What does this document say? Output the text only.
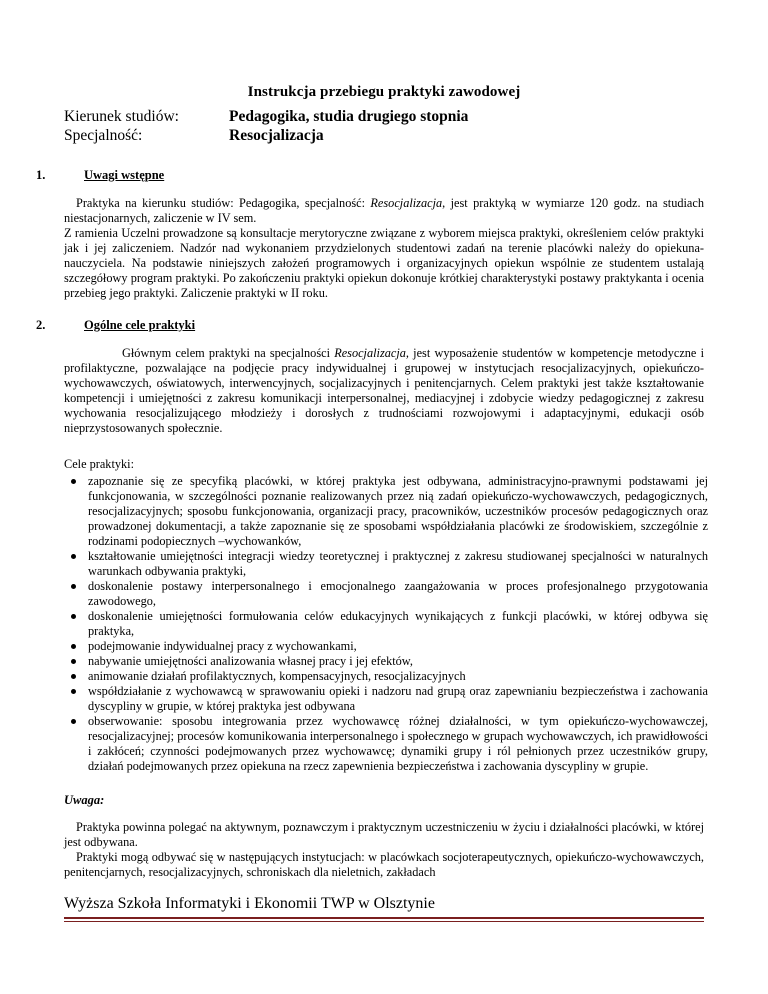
Instrukcja przebiegu praktyki zawodowej
Kierunek studiów:	Pedagogika, studia drugiego stopnia
Specjalność:	Resocjalizacja
1.	Uwagi wstępne

Praktyka na kierunku studiów: Pedagogika, specjalność: Resocjalizacja, jest praktyką w wymiarze 120 godz. na studiach niestacjonarnych, zaliczenie w IV sem.

Z ramienia Uczelni prowadzone są konsultacje merytoryczne związane z wyborem miejsca praktyki, określeniem celów praktyki jak i jej zaliczeniem. Nadzór nad wykonaniem przydzielonych studentowi zadań na terenie placówki należy do opiekuna-nauczyciela. Na podstawie niniejszych założeń programowych i organizacyjnych opiekun wspólnie ze studentem ustalają szczegółowy program praktyki. Po zakończeniu praktyki opiekun dokonuje krótkiej charakterystyki postawy praktykanta i ocenia przebieg jego praktyki. Zaliczenie praktyki w II roku.

2.	Ogólne cele praktyki

Głównym celem praktyki na specjalności Resocjalizacja, jest wyposażenie studentów w kompetencje metodyczne i profilaktyczne, pozwalające na podjęcie pracy indywidualnej i grupowej w instytucjach resocjalizacyjnych, opiekuńczo-wychowawczych, oświatowych, interwencyjnych, socjalizacyjnych i penitencjarnych. Celem praktyki jest także kształtowanie kompetencji i umiejętności z zakresu komunikacji interpersonalnej, mediacyjnej i zdobycie wiedzy pedagogicznej z zakresu wychowania resocjalizującego młodzieży i dorosłych z trudnościami rozwojowymi i adaptacyjnymi, edukacji osób nieprzystosowanych społecznie.

Cele praktyki:
zapoznanie się ze specyfiką placówki, w której praktyka jest odbywana, administracyjno-prawnymi podstawami jej funkcjonowania, w szczególności poznanie realizowanych przez nią zadań opiekuńczo-wychowawczych, pedagogicznych, resocjalizacyjnych; sposobu funkcjonowania, organizacji pracy, pracowników, uczestników procesów pedagogicznych oraz prowadzonej dokumentacji, a także zapoznanie się ze sposobami współdziałania placówki ze środowiskiem, szczególnie z rodzinami podopiecznych –wychowanków,
kształtowanie umiejętności integracji wiedzy teoretycznej i praktycznej z zakresu studiowanej specjalności w naturalnych warunkach odbywania praktyki,
doskonalenie postawy interpersonalnego i emocjonalnego zaangażowania w proces profesjonalnego przygotowania zawodowego,
doskonalenie umiejętności formułowania celów edukacyjnych wynikających z funkcji placówki, w której odbywa się praktyka,
podejmowanie indywidualnej pracy z wychowankami,
nabywanie umiejętności analizowania własnej pracy i jej efektów,
animowanie działań profilaktycznych, kompensacyjnych, resocjalizacyjnych
współdziałanie z wychowawcą w sprawowaniu opieki i nadzoru nad grupą oraz zapewnianiu bezpieczeństwa i zachowania dyscypliny w grupie, w której praktyka jest odbywana
obserwowanie: sposobu integrowania przez wychowawcę różnej działalności, w tym opiekuńczo-wychowawczej, resocjalizacyjnej; procesów komunikowania interpersonalnego i społecznego w grupach wychowawczych, ich prawidłowości i zakłóceń; czynności podejmowanych przez wychowawcę; dynamiki grupy i ról pełnionych przez uczestników grupy, działań podejmowanych przez opiekuna na rzecz zapewnienia bezpieczeństwa i zachowania dyscypliny w grupie.
Uwaga:

Praktyka powinna polegać na aktywnym, poznawczym i praktycznym uczestniczeniu w życiu i działalności placówki, w której jest odbywana.

Praktyki mogą odbywać się w następujących instytucjach: w placówkach socjoterapeutycznych, opiekuńczo-wychowawczych, penitencjarnych, resocjalizacyjnych, schroniskach dla nieletnich, zakładach

Wyższa Szkoła Informatyki i Ekonomii TWP w Olsztynie
